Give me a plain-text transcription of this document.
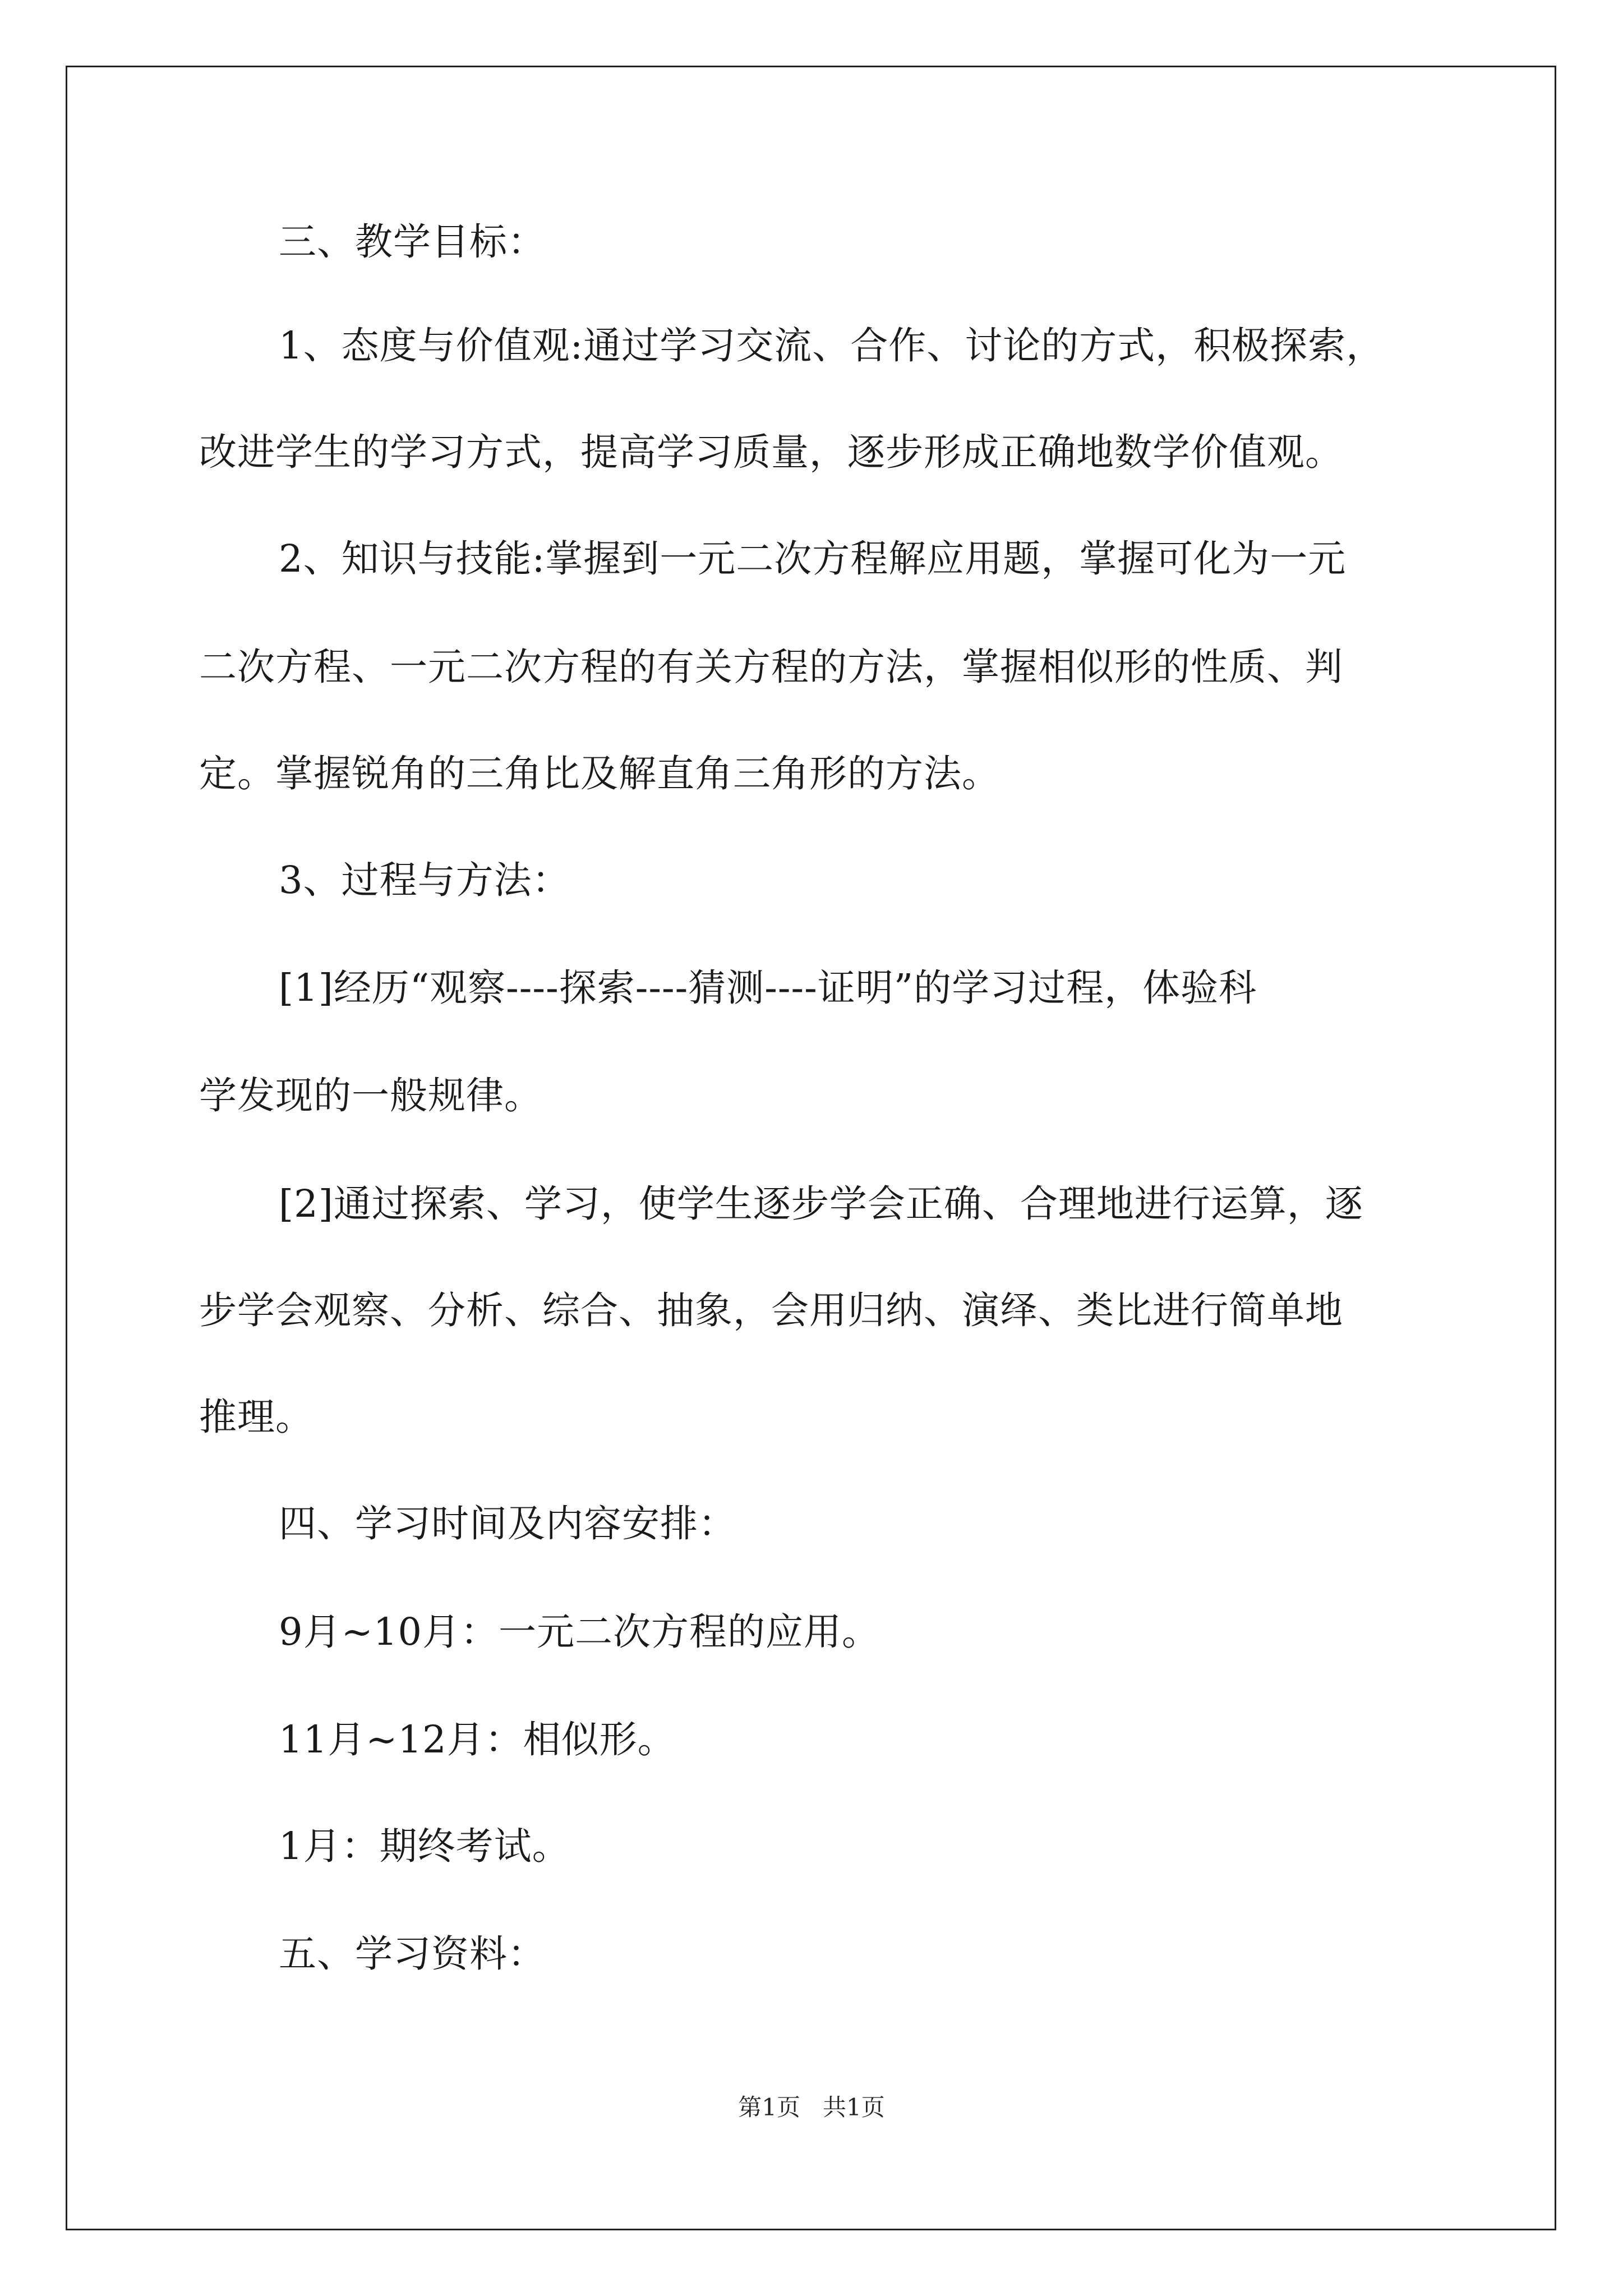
三、教学目标：
1、态度与价值观:通过学习交流、合作、讨论的方式，积极探索，
改进学生的学习方式，提高学习质量，逐步形成正确地数学价值观。
2、知识与技能:掌握到一元二次方程解应用题，掌握可化为一元
二次方程、一元二次方程的有关方程的方法，掌握相似形的性质、判
定。掌握锐角的三角比及解直角三角形的方法。
3、过程与方法：
[1]经历“观察----探索----猜测----证明”的学习过程，体验科
学发现的一般规律。
[2]通过探索、学习，使学生逐步学会正确、合理地进行运算，逐
步学会观察、分析、综合、抽象，会用归纳、演绎、类比进行简单地
推理。
四、学习时间及内容安排：
9月~10月：一元二次方程的应用。
11月~12月：相似形。
1月：期终考试。
五、学习资料：
第1页 共1页
